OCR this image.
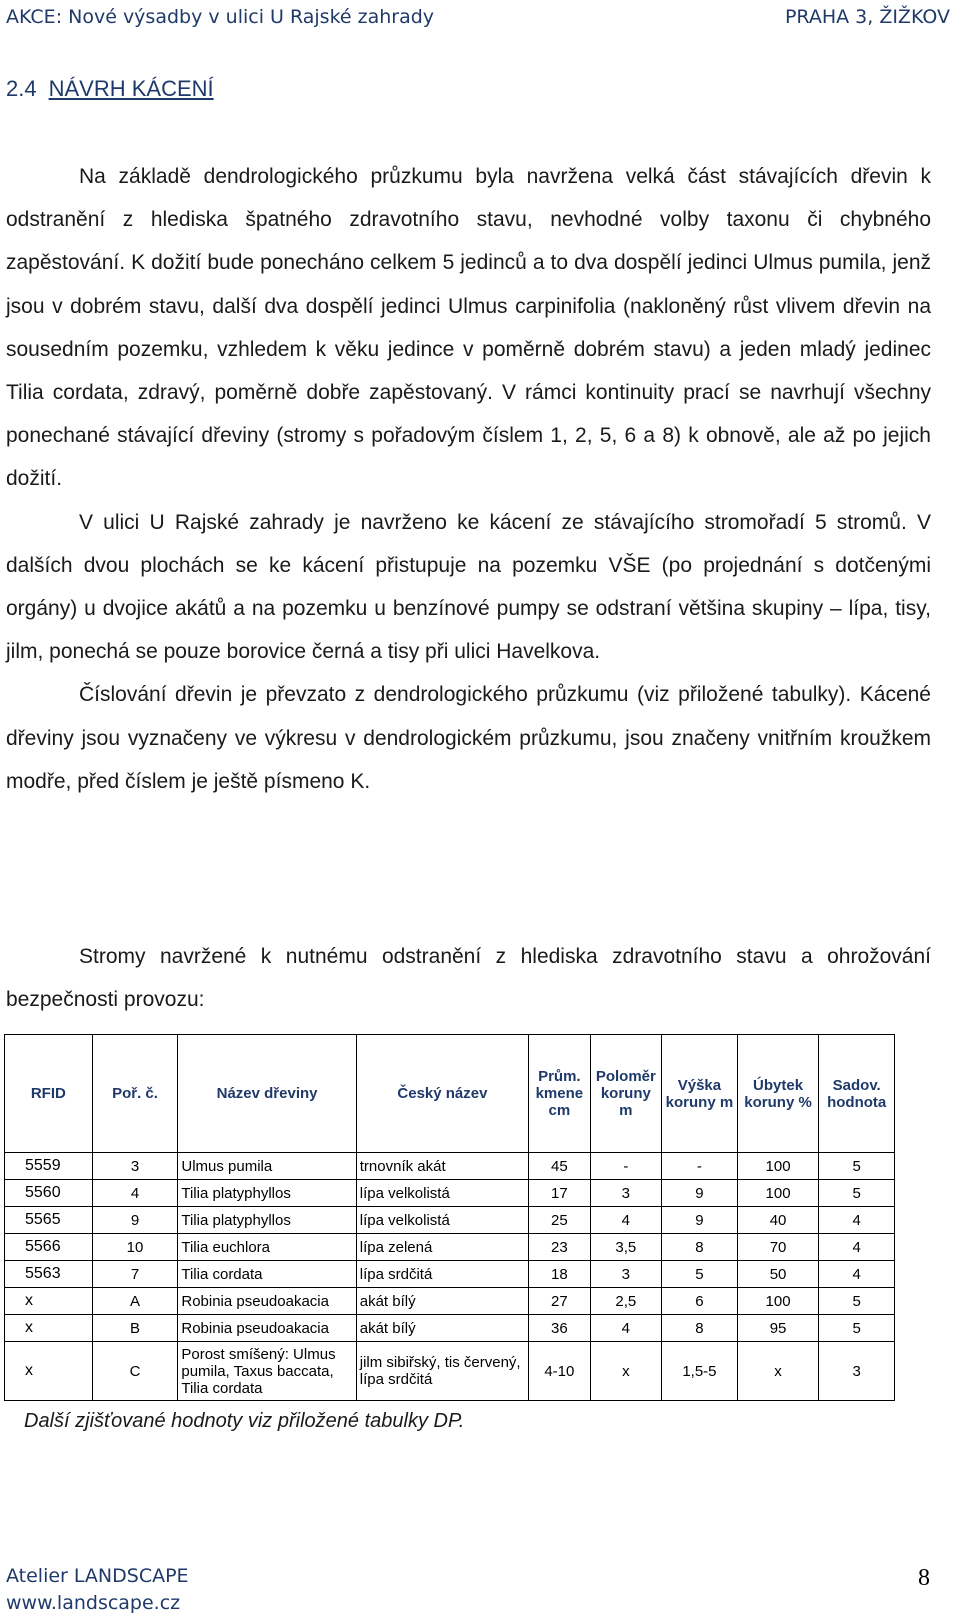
AKCE: Nové výsadby v ulici U Rajské zahrady	PRAHA 3, ŽIŽKOV
2.4 NÁVRH KÁCENÍ

Na základě dendrologického průzkumu byla navržena velká část stávajících dřevin k odstranění z hlediska špatného zdravotního stavu, nevhodné volby taxonu či chybného zapěstování. K dožití bude ponecháno celkem 5 jedinců a to dva dospělí jedinci Ulmus pumila, jenž jsou v dobrém stavu, další dva dospělí jedinci Ulmus carpinifolia (nakloněný růst vlivem dřevin na sousedním pozemku, vzhledem k věku jedince v poměrně dobrém stavu) a jeden mladý jedinec Tilia cordata, zdravý, poměrně dobře zapěstovaný. V rámci kontinuity prací se navrhují všechny ponechané stávající dřeviny (stromy s pořadovým číslem 1, 2, 5, 6 a 8) k obnově, ale až po jejich dožití.

V ulici U Rajské zahrady je navrženo ke kácení ze stávajícího stromořadí 5 stromů. V dalších dvou plochách se ke kácení přistupuje na pozemku VŠE (po projednání s dotčenými orgány) u dvojice akátů a na pozemku u benzínové pumpy se odstraní většina skupiny – lípa, tisy, jilm, ponechá se pouze borovice černá a tisy při ulici Havelkova.

Číslování dřevin je převzato z dendrologického průzkumu (viz přiložené tabulky). Kácené dřeviny jsou vyznačeny ve výkresu v dendrologickém průzkumu, jsou značeny vnitřním kroužkem modře, před číslem je ještě písmeno K.

Stromy navržené k nutnému odstranění z hlediska zdravotního stavu a ohrožování bezpečnosti provozu:

RFID	Poř. č.	Název dřeviny	Český název	Prům. kmene cm	Poloměr koruny m	Výška koruny m	Úbytek koruny %	Sadov. hodnota
5559	3	Ulmus pumila	trnovník akát	45	-	-	100	5
5560	4	Tilia platyphyllos	lípa velkolistá	17	3	9	100	5
5565	9	Tilia platyphyllos	lípa velkolistá	25	4	9	40	4
5566	10	Tilia euchlora	lípa zelená	23	3,5	8	70	4
5563	7	Tilia cordata	lípa srdčitá	18	3	5	50	4
x	A	Robinia pseudoakacia	akát bílý	27	2,5	6	100	5
x	B	Robinia pseudoakacia	akát bílý	36	4	8	95	5
x	C	Porost smíšený: Ulmus pumila, Taxus baccata, Tilia cordata	jilm sibiřský, tis červený, lípa srdčitá	4-10	x	1,5-5	x	3
Další zjišťované hodnoty viz přiložené tabulky DP.
Atelier LANDSCAPE
www.landscape.cz
8
